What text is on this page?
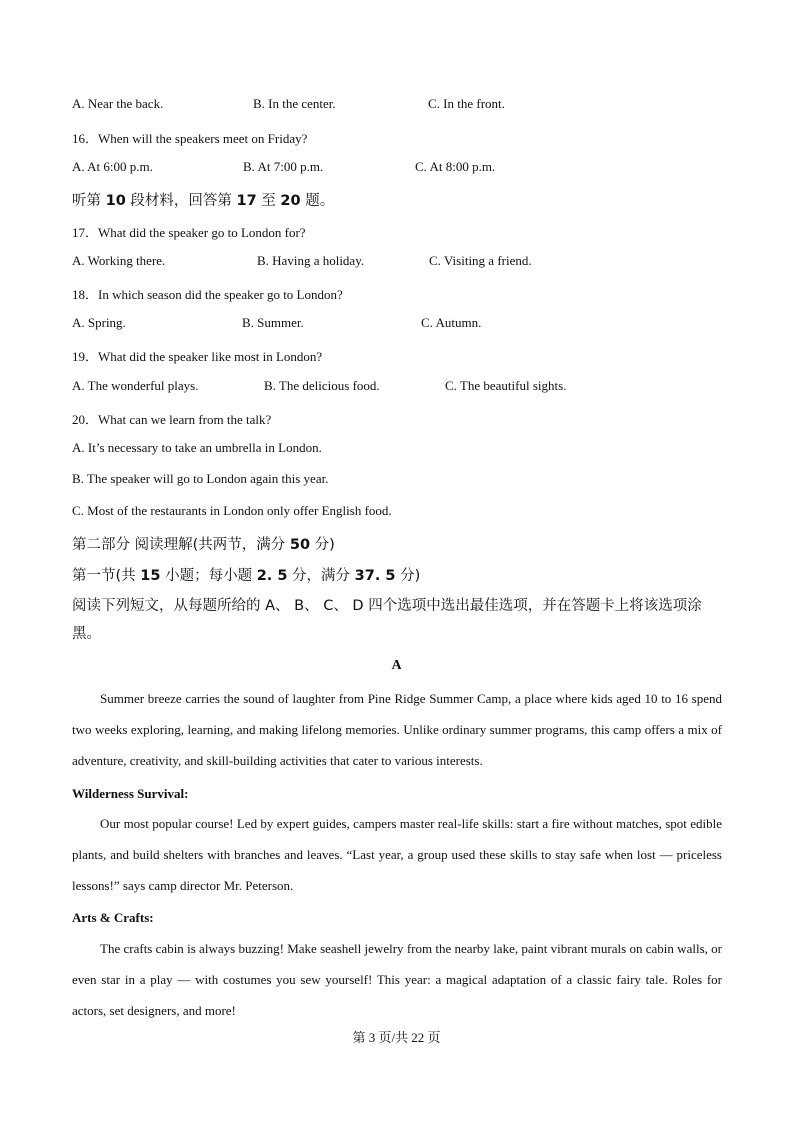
A. Near the back.	B. In the center.	C. In the front.
16．When will the speakers meet on Friday?
A. At 6:00 p.m.	B. At 7:00 p.m.	C. At 8:00 p.m.
听第 10 段材料，回答第 17 至 20 题。
17．What did the speaker go to London for?
A. Working there.	B. Having a holiday.	C. Visiting a friend.
18．In which season did the speaker go to London?
A. Spring.	B. Summer.	C. Autumn.
19．What did the speaker like most in London?
A. The wonderful plays.	B. The delicious food.	C. The beautiful sights.
20．What can we learn from the talk?
A. It’s necessary to take an umbrella in London.
B. The speaker will go to London again this year.
C. Most of the restaurants in London only offer English food.
第二部分 阅读理解(共两节，满分 50 分)
第一节(共 15 小题；每小题 2. 5 分，满分 37. 5 分)

阅读下列短文，从每题所给的 A、 B、 C、 D 四个选项中选出最佳选项，并在答题卡上将该选项涂黑。

A

Summer breeze carries the sound of laughter from Pine Ridge Summer Camp, a place where kids aged 10 to 16 spend two weeks exploring, learning, and making lifelong memories. Unlike ordinary summer programs, this camp offers a mix of adventure, creativity, and skill-building activities that cater to various interests.

Wilderness Survival:

Our most popular course! Led by expert guides, campers master real-life skills: start a fire without matches, spot edible plants, and build shelters with branches and leaves. “Last year, a group used these skills to stay safe when lost — priceless lessons!” says camp director Mr. Peterson.

Arts & Crafts:

The crafts cabin is always buzzing! Make seashell jewelry from the nearby lake, paint vibrant murals on cabin walls, or even star in a play — with costumes you sew yourself! This year: a magical adaptation of a classic fairy tale. Roles for actors, set designers, and more!

第 3 页/共 22 页
